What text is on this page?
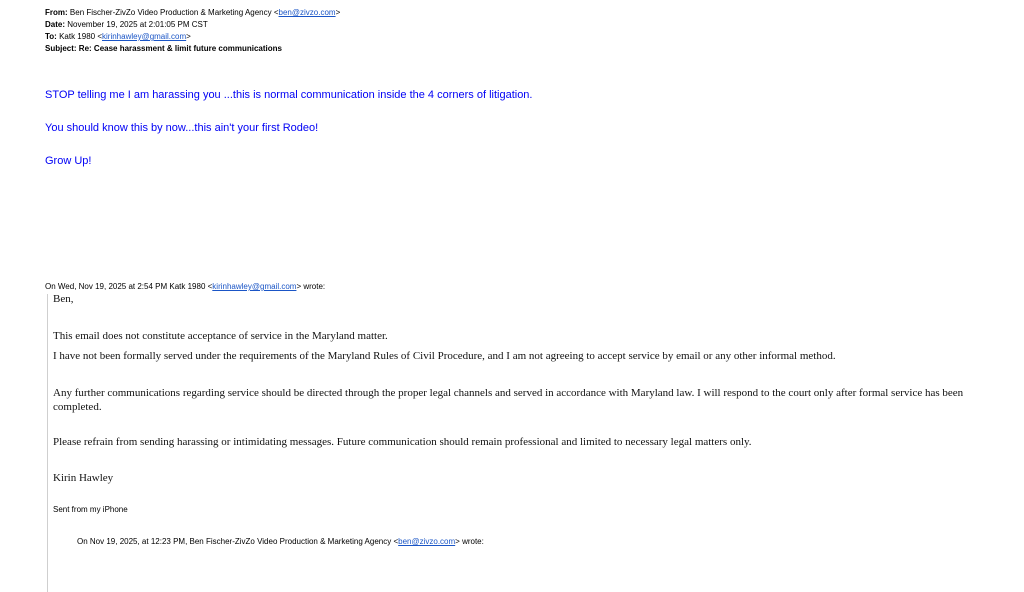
From: Ben Fischer-ZivZo Video Production & Marketing Agency <ben@zivzo.com>
Date: November 19, 2025 at 2:01:05 PM CST
To: Katk 1980 <kirinhawley@gmail.com>
Subject: Re: Cease harassment & limit future communications
STOP telling me I am harassing you ...this is normal communication inside the 4 corners of litigation.
You should know this by now...this ain't your first Rodeo!
Grow Up!
On Wed, Nov 19, 2025 at 2:54 PM Katk 1980 <kirinhawley@gmail.com> wrote:
Ben,
This email does not constitute acceptance of service in the Maryland matter.
I have not been formally served under the requirements of the Maryland Rules of Civil Procedure, and I am not agreeing to accept service by email or any other informal method.
Any further communications regarding service should be directed through the proper legal channels and served in accordance with Maryland law. I will respond to the court only after formal service has been completed.
Please refrain from sending harassing or intimidating messages. Future communication should remain professional and limited to necessary legal matters only.
Kirin Hawley
Sent from my iPhone
On Nov 19, 2025, at 12:23 PM, Ben Fischer-ZivZo Video Production & Marketing Agency <ben@zivzo.com> wrote:
